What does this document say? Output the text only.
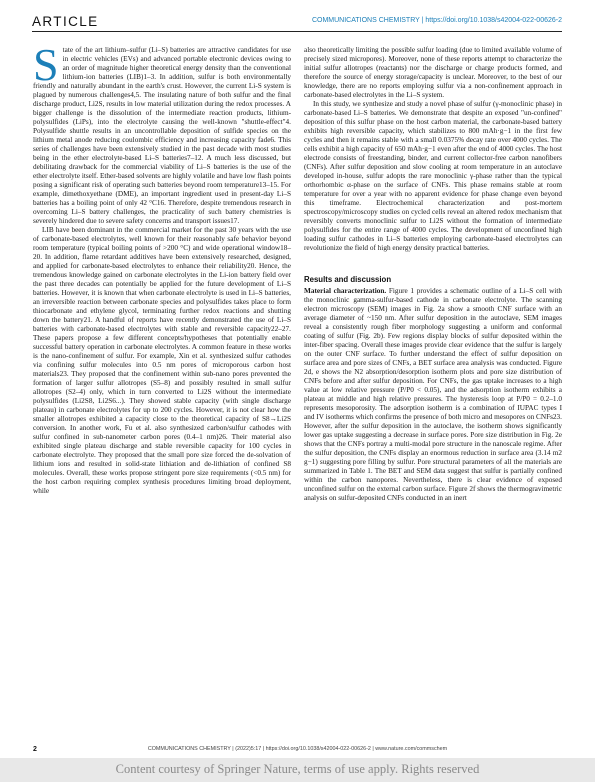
ARTICLE	COMMUNICATIONS CHEMISTRY | https://doi.org/10.1038/s42004-022-00626-2

State of the art lithium–sulfur (Li–S) batteries are attractive candidates for use in electric vehicles (EVs) and advanced portable electronic devices owing to an order of magnitude higher theoretical energy density than the conventional lithium-ion batteries (LIB)1–3. In addition, sulfur is both environmentally friendly and naturally abundant in the earth's crust. However, the current Li-S system is plagued by numerous challenges4,5. The insulating nature of both sulfur and the final discharge product, Li2S, results in low material utilization during the redox processes. A bigger challenge is the dissolution of the intermediate reaction products, lithium-polysulfides (LiPs), into the electrolyte causing the well-known "shuttle-effect"4. Polysulfide shuttle results in an uncontrollable deposition of sulfide species on the lithium metal anode reducing coulombic efficiency and increasing capacity fade6. This series of challenges have been extensively studied in the past decade with most studies being in the ether electrolyte-based Li–S batteries7–12. A much less discussed, but debilitating drawback for the commercial viability of Li–S batteries is the use of the ether electrolyte itself. Ether-based solvents are highly volatile and have low flash points posing a significant risk of operating such batteries beyond room temperature13–15. For example, dimethoxyethane (DME), an important ingredient used in present-day Li–S batteries has a boiling point of only 42 °C16. Therefore, despite tremendous research in overcoming Li–S battery challenges, the practicality of such battery chemistries is severely hindered due to severe safety concerns and transport issues17.

LIB have been dominant in the commercial market for the past 30 years with the use of carbonate-based electrolytes, well known for their reasonably safe behavior beyond room temperature (typical boiling points of >200 °C) and wide operational window18–20. In addition, flame retardant additives have been extensively researched, designed, and applied for carbonate-based electrolytes to enhance their reliability20. Hence, the tremendous knowledge gained on carbonate electrolytes in the Li-ion battery field over the past three decades can potentially be applied for the future development of Li–S batteries. However, it is known that when carbonate electrolyte is used in Li–S batteries, an irreversible reaction between carbonate species and polysulfides takes place to form thiocarbonate and ethylene glycol, terminating further redox reactions and shutting down the battery21. A handful of reports have recently demonstrated the use of Li–S batteries with carbonate-based electrolytes with stable and reversible capacity22–27. These papers propose a few different concepts/hypotheses that potentially enable successful battery operation in carbonate electrolytes. A common feature in these works is the nano-confinement of sulfur. For example, Xin et al. synthesized sulfur cathodes via confining sulfur molecules into 0.5 nm pores of microporous carbon host materials23. They proposed that the confinement within sub-nano pores prevented the formation of larger sulfur allotropes (S5–8) and possibly resulted in small sulfur allotropes (S2–4) only, which in turn converted to Li2S without the intermediate polysulfides (Li2S8, Li2S6...). They showed stable capacity (with single discharge plateau) in carbonate electrolytes for up to 200 cycles. However, it is not clear how the smaller allotropes exhibited a capacity close to the theoretical capacity of S8→Li2S conversion. In another work, Fu et al. also synthesized carbon/sulfur cathodes with sulfur confined in sub-nanometer carbon pores (0.4–1 nm)26. Their material also exhibited single plateau discharge and stable reversible capacity for 100 cycles in carbonate electrolyte. They proposed that the small pore size forced the de-solvation of lithium ions and resulted in solid-state lithiation and de-lithiation of confined S8 molecules. Overall, these works propose stringent pore size requirements (<0.5 nm) for the host carbon requiring complex synthesis procedures limiting broad deployment, while

also theoretically limiting the possible sulfur loading (due to limited available volume of precisely sized micropores). Moreover, none of these reports attempt to characterize the initial sulfur allotropes (reactants) nor the discharge or charge products formed, and therefore the source of energy storage/capacity is unclear. Moreover, to the best of our knowledge, there are no reports employing sulfur via a non-confinement approach in carbonate-based electrolytes in the Li–S system.

In this study, we synthesize and study a novel phase of sulfur (γ-monoclinic phase) in carbonate-based Li–S batteries. We demonstrate that despite an exposed "un-confined" deposition of this sulfur phase on the host carbon material, the carbonate-based battery exhibits high reversible capacity, which stabilizes to 800 mAh·g−1 in the first few cycles and then it remains stable with a small 0.0375% decay rate over 4000 cycles. The cells exhibit a high capacity of 650 mAh·g−1 even after the end of 4000 cycles. The host electrode consists of freestanding, binder, and current collector-free carbon nanofibers (CNFs). After sulfur deposition and slow cooling at room temperature in an autoclave developed in-house, sulfur adopts the rare monoclinic γ-phase rather than the typical orthorhombic α-phase on the surface of CNFs. This phase remains stable at room temperature for over a year with no apparent evidence for phase change even beyond this timeframe. Electrochemical characterization and post-mortem spectroscopy/microscopy studies on cycled cells reveal an altered redox mechanism that reversibly converts monoclinic sulfur to Li2S without the formation of intermediate polysulfides for the entire range of 4000 cycles. The development of unconfined high loading sulfur cathodes in Li–S batteries employing carbonate-based electrolytes can revolutionize the field of high energy density practical batteries.

Results and discussion

Material characterization. Figure 1 provides a schematic outline of a Li–S cell with the monoclinic gamma-sulfur-based cathode in carbonate electrolyte. The scanning electron microscopy (SEM) images in Fig. 2a show a smooth CNF surface with an average diameter of ~150 nm. After sulfur deposition in the autoclave, SEM images reveal a consistently rough fiber morphology suggesting a uniform and conformal coating of sulfur (Fig. 2b). Few regions display blocks of sulfur deposited within the inter-fiber spacing. Overall these images provide clear evidence that the sulfur is largely on the outer CNF surface. To further understand the effect of sulfur deposition on surface area and pore sizes of CNFs, a BET surface area analysis was conducted. Figure 2d, e shows the N2 absorption/desorption isotherm plots and pore size distribution of CNFs before and after sulfur deposition. For CNFs, the gas uptake increases to a high value at low relative pressure (P/P0 < 0.05), and the adsorption isotherm exhibits a plateau at middle and high relative pressures. The hysteresis loop at P/P0 = 0.2–1.0 represents mesoporosity. The adsorption isotherm is a combination of IUPAC types I and IV isotherms which confirms the presence of both micro and mesopores on CNFs23. However, after the sulfur deposition in the autoclave, the isotherm shows significantly lower gas uptake suggesting a decrease in surface pores. Pore size distribution in Fig. 2e shows that the CNFs portray a multi-modal pore structure in the nanoscale regime. After the sulfur deposition, the CNFs display an enormous reduction in surface area (3.14 m2 g−1) suggesting pore filling by sulfur. Pore structural parameters of all the materials are summarized in Table 1. The BET and SEM data suggest that sulfur is partially confined within the carbon nanopores. Nevertheless, there is clear evidence of exposed unconfined sulfur on the external carbon surface. Figure 2f shows the thermogravimetric analysis on sulfur-deposited CNFs conducted in an inert

2	COMMUNICATIONS CHEMISTRY | (2022)5:17 | https://doi.org/10.1038/s42004-022-00626-2 | www.nature.com/commschem
Content courtesy of Springer Nature, terms of use apply. Rights reserved
